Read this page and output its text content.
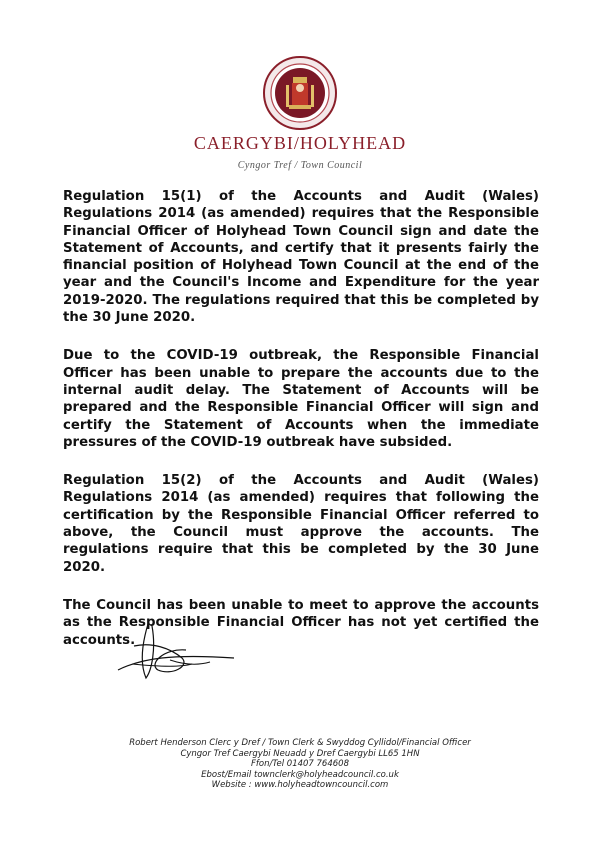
CAERGYBI/HOLYHEAD
Cyngor Tref / Town Council

Regulation 15(1) of the Accounts and Audit (Wales) Regulations 2014 (as amended) requires that the Responsible Financial Officer of Holyhead Town Council sign and date the Statement of Accounts, and certify that it presents fairly the financial position of Holyhead Town Council at the end of the year and the Council's Income and Expenditure for the year 2019-2020. The regulations required that this be completed by the 30 June 2020.

Due to the COVID-19 outbreak, the Responsible Financial Officer has been unable to prepare the accounts due to the internal audit delay. The Statement of Accounts will be prepared and the Responsible Financial Officer will sign and certify the Statement of Accounts when the immediate pressures of the COVID-19 outbreak have subsided.

Regulation 15(2) of the Accounts and Audit (Wales) Regulations 2014 (as amended) requires that following the certification by the Responsible Financial Officer referred to above, the Council must approve the accounts. The regulations require that this be completed by the 30 June 2020.

The Council has been unable to meet to approve the accounts as the Responsible Financial Officer has not yet certified the accounts.

Robert Henderson Clerc y Dref / Town Clerk & Swyddog Cyllidol/Financial Officer
Cyngor Tref Caergybi Neuadd y Dref Caergybi LL65 1HN
Ffon/Tel 01407 764608
Ebost/Email townclerk@holyheadcouncil.co.uk
Website : www.holyheadtowncouncil.com
